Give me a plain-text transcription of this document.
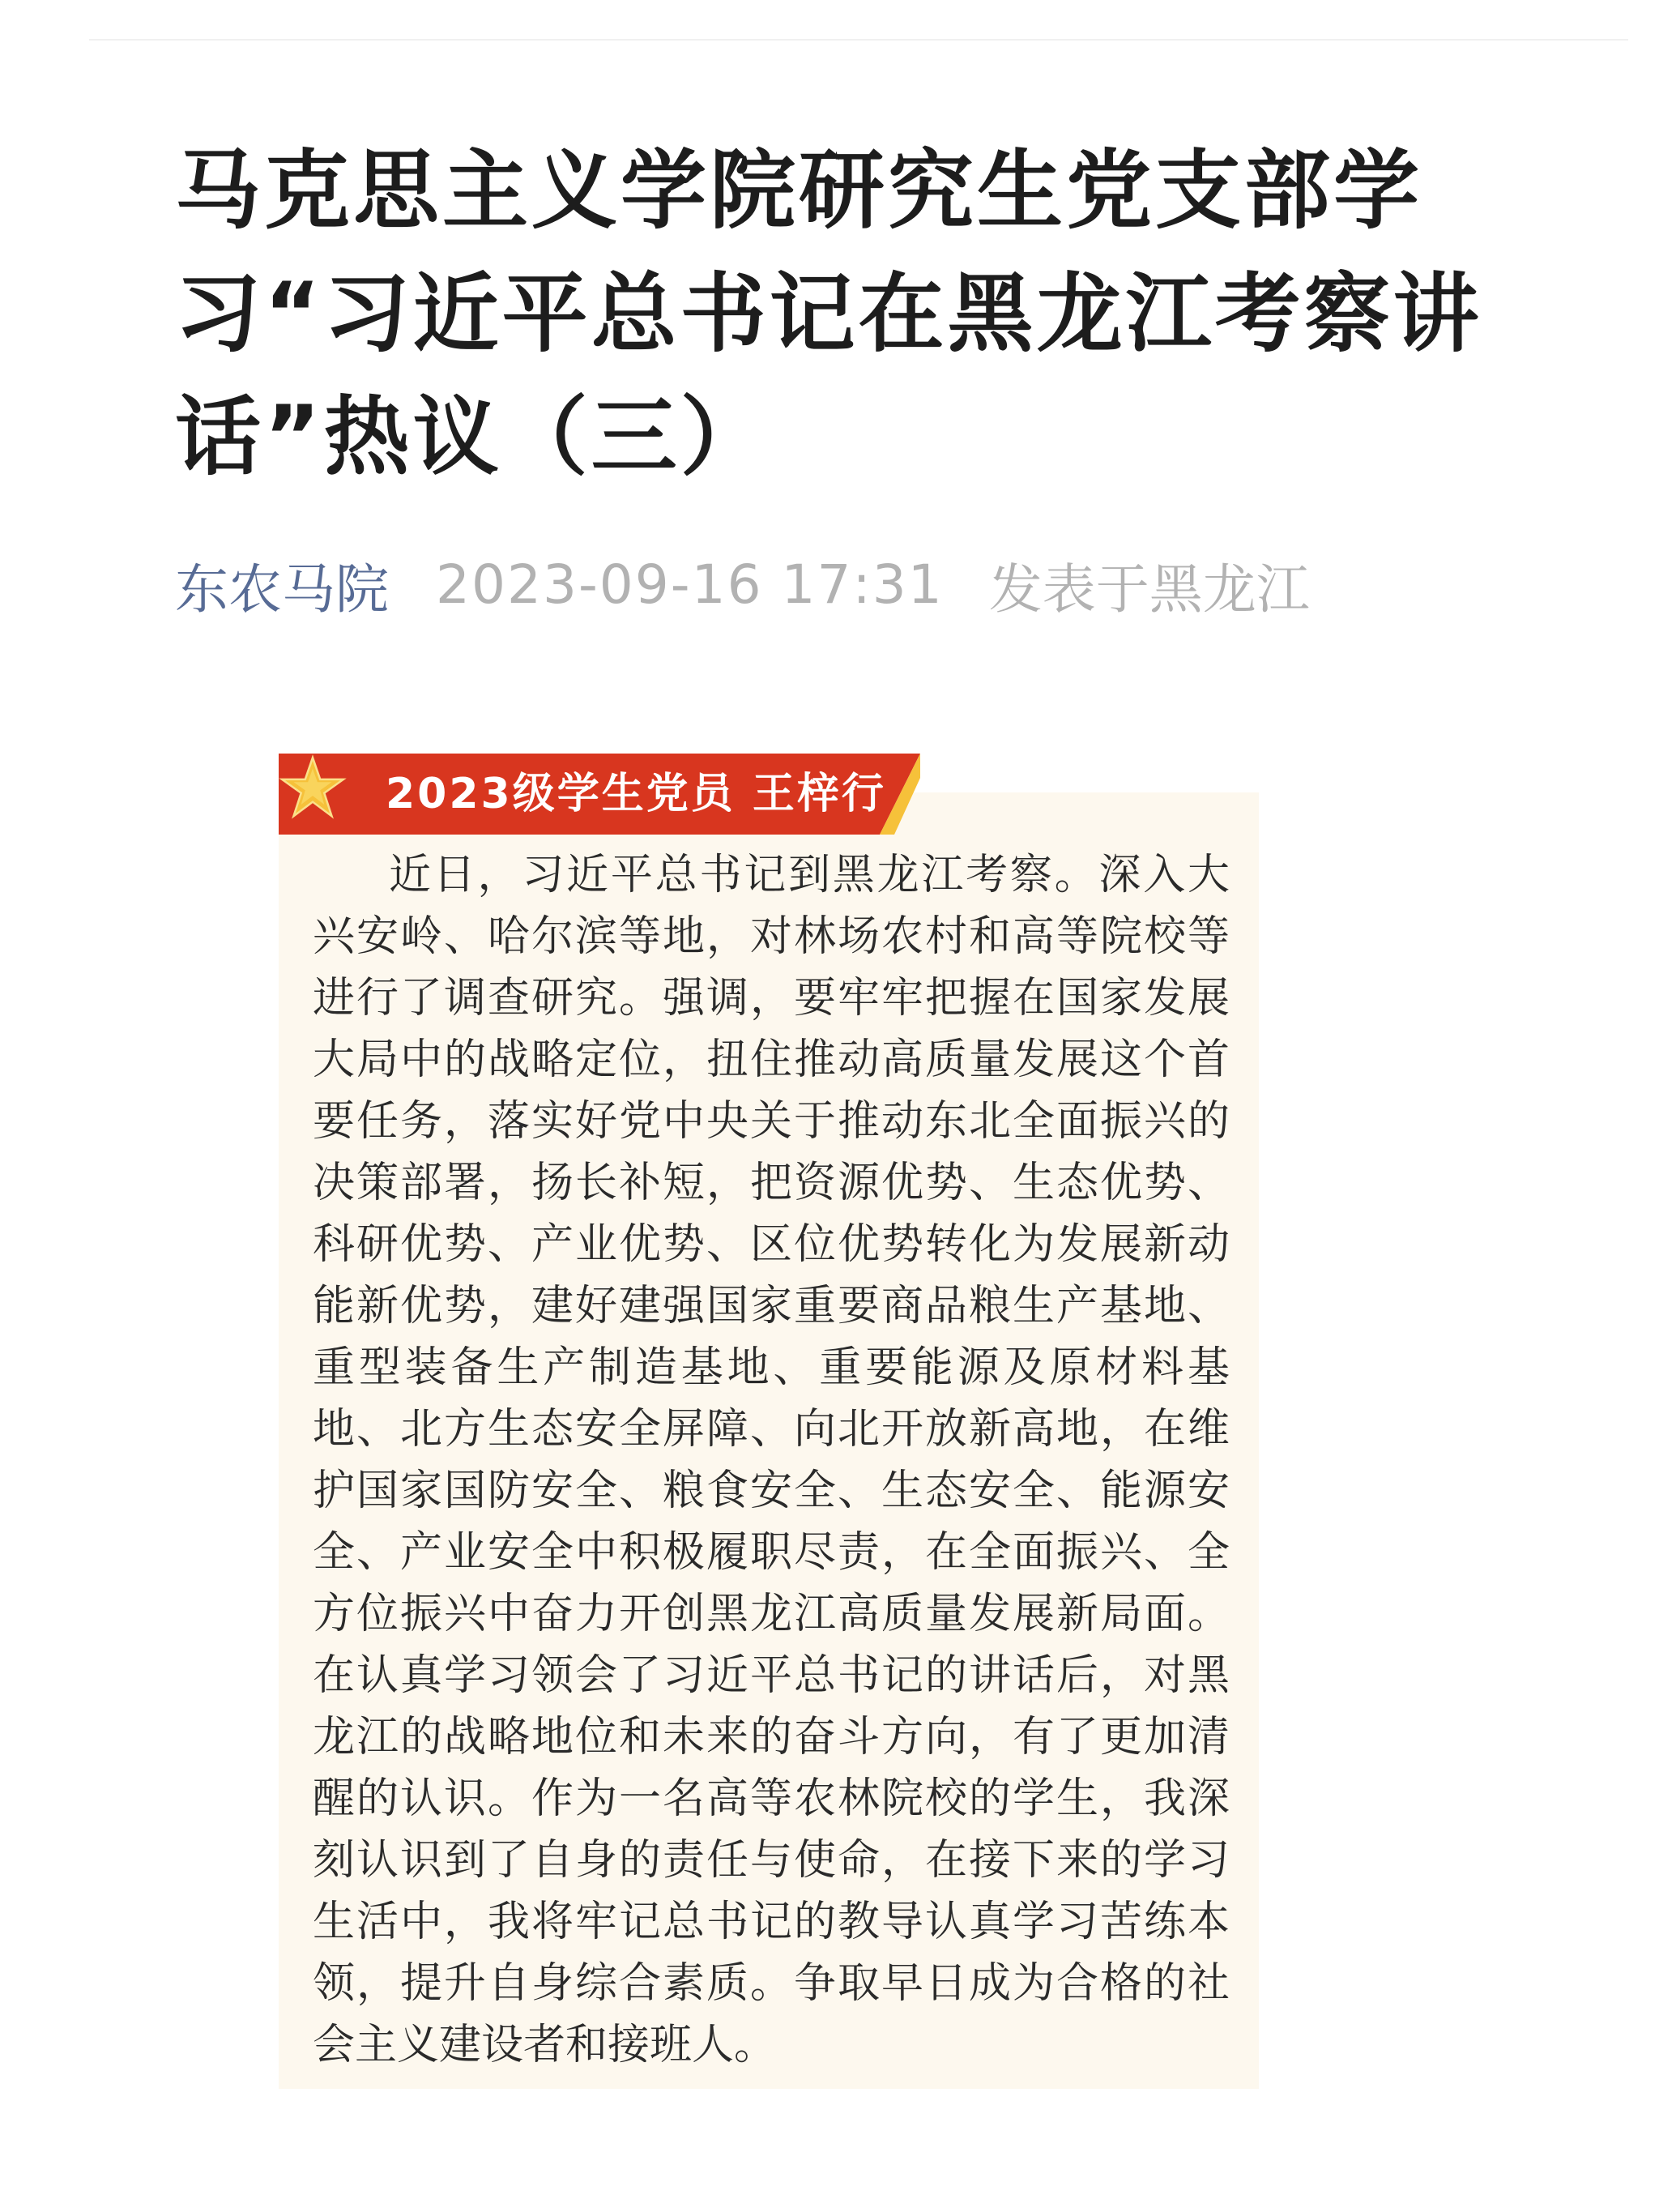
马克思主义学院研究生党支部学习“习近平总书记在黑龙江考察讲话”热议（三）
东农马院 2023-09-16 17:31 发表于黑龙江
2023级学生党员 王梓行

近日，习近平总书记到黑龙江考察。深入大兴安岭、哈尔滨等地，对林场农村和高等院校等进行了调查研究。强调，要牢牢把握在国家发展大局中的战略定位，扭住推动高质量发展这个首要任务，落实好党中央关于推动东北全面振兴的决策部署，扬长补短，把资源优势、生态优势、科研优势、产业优势、区位优势转化为发展新动能新优势，建好建强国家重要商品粮生产基地、重型装备生产制造基地、重要能源及原材料基地、北方生态安全屏障、向北开放新高地，在维护国家国防安全、粮食安全、生态安全、能源安全、产业安全中积极履职尽责，在全面振兴、全方位振兴中奋力开创黑龙江高质量发展新局面。在认真学习领会了习近平总书记的讲话后，对黑龙江的战略地位和未来的奋斗方向，有了更加清醒的认识。作为一名高等农林院校的学生，我深刻认识到了自身的责任与使命，在接下来的学习生活中，我将牢记总书记的教导认真学习苦练本领，提升自身综合素质。争取早日成为合格的社会主义建设者和接班人。
